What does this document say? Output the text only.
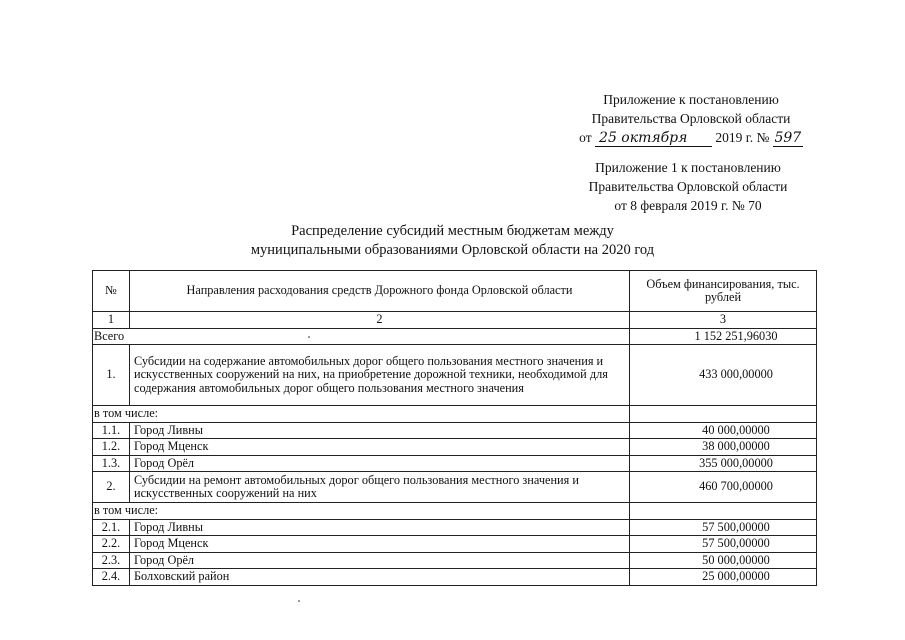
Приложение к постановлению
Правительства Орловской области
от 25 октября 2019 г. № 597
Приложение 1 к постановлению
Правительства Орловской области
от 8 февраля 2019 г. № 70
Распределение субсидий местным бюджетам между
муниципальными образованиями Орловской области на 2020 год
№	Направления расходования средств Дорожного фонда Орловской области	Объем финансирования, тыс. рублей
1	2	3
Всего		1 152 251,96030
1.	Субсидии на содержание автомобильных дорог общего пользования местного значения и искусственных сооружений на них, на приобретение дорожной техники, необходимой для содержания автомобильных дорог общего пользования местного значения	433 000,00000
в том числе:		
1.1.	Город Ливны	40 000,00000
1.2.	Город Мценск	38 000,00000
1.3.	Город Орёл	355 000,00000
2.	Субсидии на ремонт автомобильных дорог общего пользования местного значения и искусственных сооружений на них	460 700,00000
в том числе:		
2.1.	Город Ливны	57 500,00000
2.2.	Город Мценск	57 500,00000
2.3.	Город Орёл	50 000,00000
2.4.	Болховский район	25 000,00000
